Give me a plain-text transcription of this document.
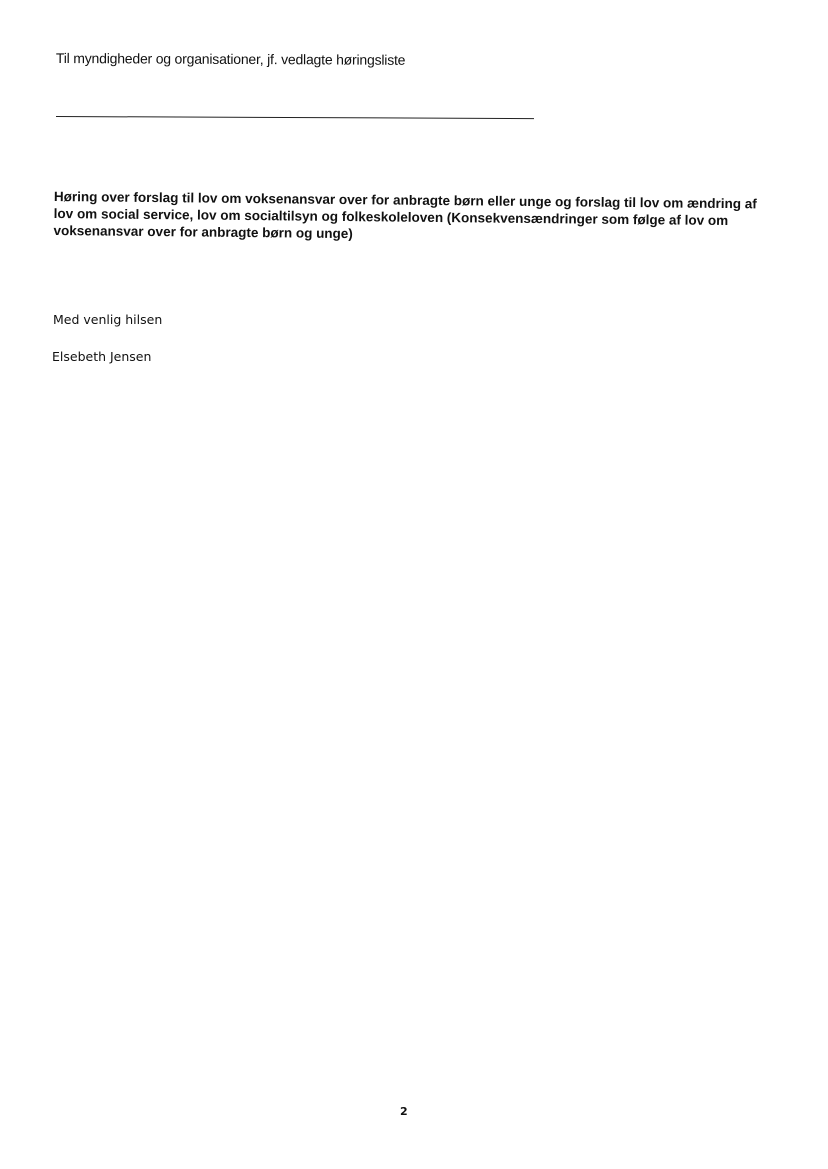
Til myndigheder og organisationer, jf. vedlagte høringsliste
Høring over forslag til lov om voksenansvar over for anbragte børn eller unge og forslag til lov om ændring af
lov om social service, lov om socialtilsyn og folkeskoleloven (Konsekvensændringer som følge af lov om
voksenansvar over for anbragte børn og unge)
Med venlig hilsen
Elsebeth Jensen
2
